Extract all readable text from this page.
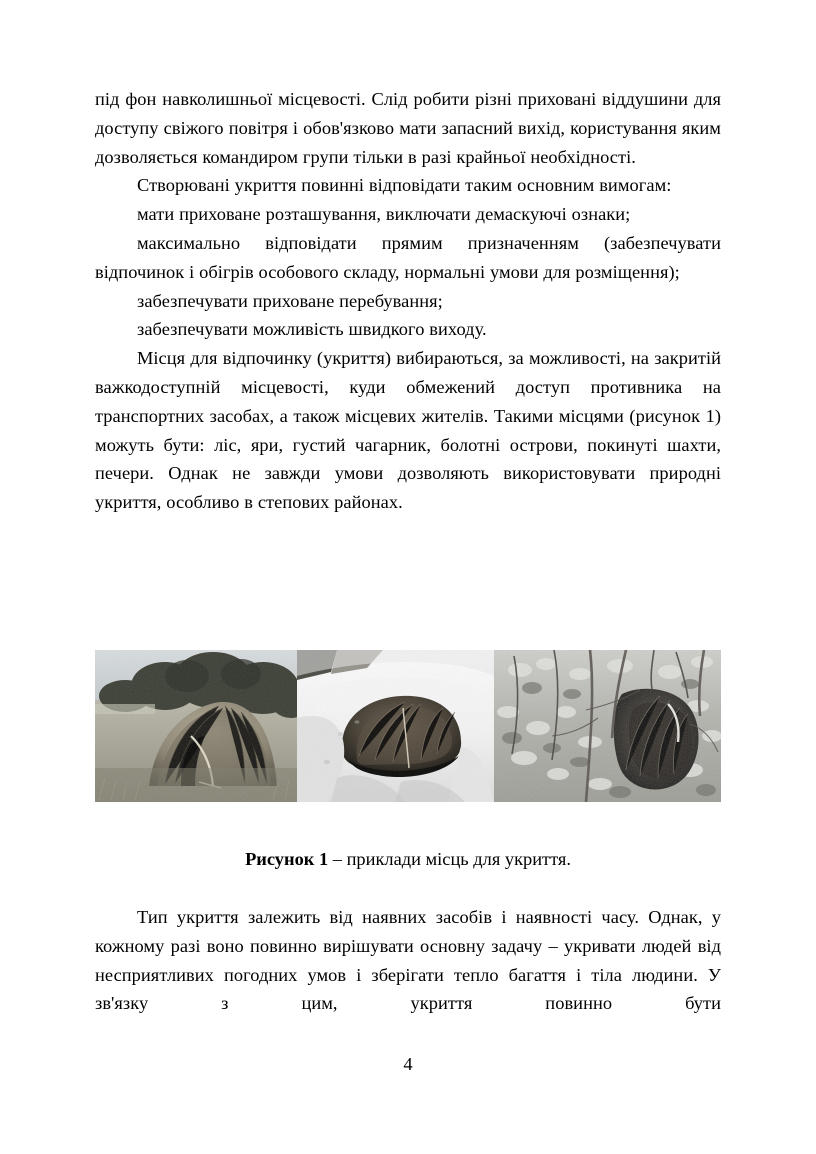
під фон навколишньої місцевості. Слід робити різні приховані віддушини для доступу свіжого повітря і обов'язково мати запасний вихід, користування яким дозволяється командиром групи тільки в разі крайньої необхідності.

Створювані укриття повинні відповідати таким основним вимогам:

мати приховане розташування, виключати демаскуючі ознаки;

максимально відповідати прямим призначенням (забезпечувати відпочинок і обігрів особового складу, нормальні умови для розміщення);

забезпечувати приховане перебування;

забезпечувати можливість швидкого виходу.

Місця для відпочинку (укриття) вибираються, за можливості, на закритій важкодоступній місцевості, куди обмежений доступ противника на транспортних засобах, а також місцевих жителів. Такими місцями (рисунок 1) можуть бути: ліс, яри, густий чагарник, болотні острови, покинуті шахти, печери. Однак не завжди умови дозволяють використовувати природні укриття, особливо в степових районах.

Рисунок 1 – приклади місць для укриття.

Тип укриття залежить від наявних засобів і наявності часу. Однак, у кожному разі воно повинно вирішувати основну задачу – укривати людей від несприятливих погодних умов і зберігати тепло багаття і тіла людини. У зв'язку з цим, укриття повинно бути

4
